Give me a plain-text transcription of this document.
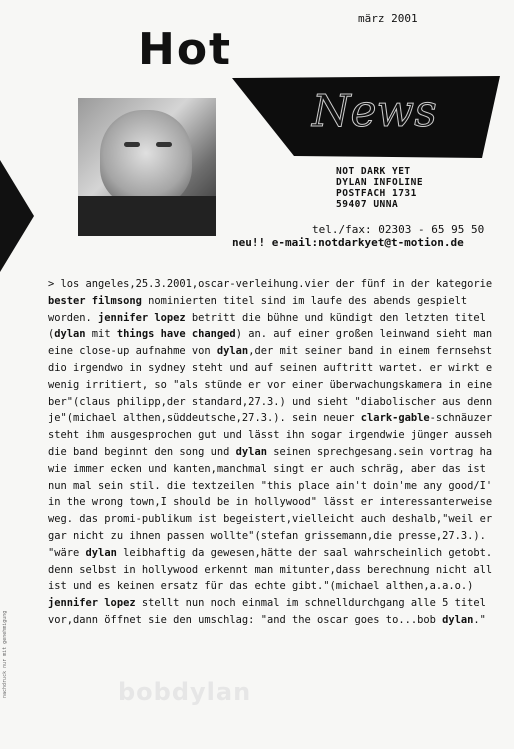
märz 2001
Hot
News
NOT DARK YET
DYLAN INFOLINE
POSTFACH 1731
59407 UNNA
tel./fax: 02303 - 65 95 50
neu!! e-mail:notdarkyet@t-motion.de
> los angeles,25.3.2001,oscar-verleihung.vier der fünf in der kategorie
bester filmsong nominierten titel sind im laufe des abends gespielt
worden. jennifer lopez betritt die bühne und kündigt den letzten titel
(dylan mit things have changed) an. auf einer großen leinwand sieht man
eine close-up aufnahme von dylan,der mit seiner band in einem fernsehst
dio irgendwo in sydney steht und auf seinen auftritt wartet. er wirkt e
wenig irritiert, so "als stünde er vor einer überwachungskamera in eine
ber"(claus philipp,der standard,27.3.) und sieht "diabolischer aus denn
je"(michael althen,süddeutsche,27.3.). sein neuer clark-gable-schnäuzer
steht ihm ausgesprochen gut und lässt ihn sogar irgendwie jünger ausseh
die band beginnt den song und dylan seinen sprechgesang.sein vortrag ha
wie immer ecken und kanten,manchmal singt er auch schräg, aber das ist
nun mal sein stil. die textzeilen "this place ain't doin'me any good/I'
in the wrong town,I should be in hollywood" lässt er interessanterweise
weg. das promi-publikum ist begeistert,vielleicht auch deshalb,"weil er
gar nicht zu ihnen passen wollte"(stefan grissemann,die presse,27.3.).
"wäre dylan leibhaftig da gewesen,hätte der saal wahrscheinlich getobt.
denn selbst in hollywood erkennt man mitunter,dass berechnung nicht all
ist und es keinen ersatz für das echte gibt."(michael althen,a.a.o.)
jennifer lopez stellt nun noch einmal im schnelldurchgang alle 5 titel
vor,dann öffnet sie den umschlag: "and the oscar goes to...bob dylan."
bobdylan
nachdruck nur mit genehmigung
